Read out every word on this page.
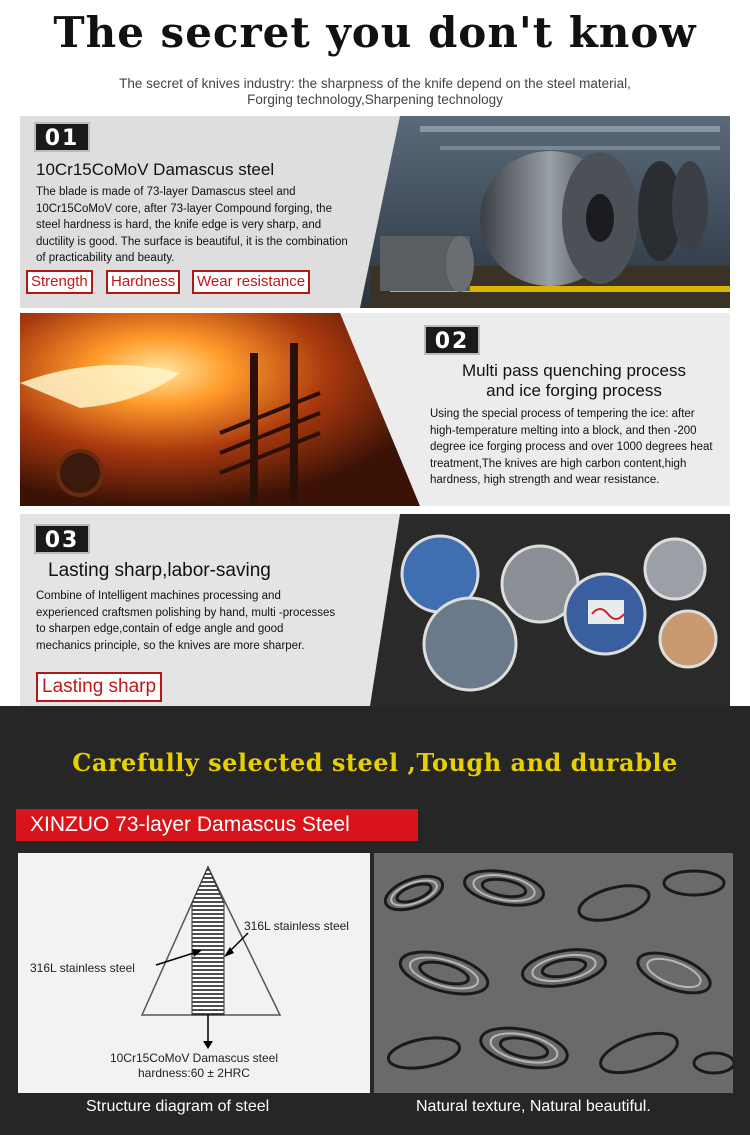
The secret you don't know
The secret of knives industry: the sharpness of the knife depend on the steel material,
Forging technology,Sharpening technology
01
10Cr15CoMoV Damascus steel
The blade is made of 73-layer Damascus steel and 10Cr15CoMoV core, after 73-layer Compound forging, the steel hardness is hard, the knife edge is very sharp, and ductility is good. The surface is beautiful, it is the combination of practicability and beauty.
Strength	Hardness	Wear resistance
02
Multi pass quenching process
and ice forging process
Using the special process of tempering the ice: after high-temperature melting into a block, and then -200 degree ice forging process and over 1000 degrees heat treatment,The knives are high carbon content,high hardness, high strength and wear resistance.
03
Lasting sharp,labor-saving
Combine of Intelligent machines processing and experienced craftsmen polishing by hand, multi -processes to sharpen edge,contain of edge angle and good mechanics principle, so the knives are more sharper.
Lasting sharp
Carefully selected steel ,Tough and durable
XINZUO 73-layer Damascus Steel
316L stainless steel
316L stainless steel
10Cr15CoMoV Damascus steel
hardness:60 ± 2HRC
Structure diagram of steel	Natural texture, Natural beautiful.
